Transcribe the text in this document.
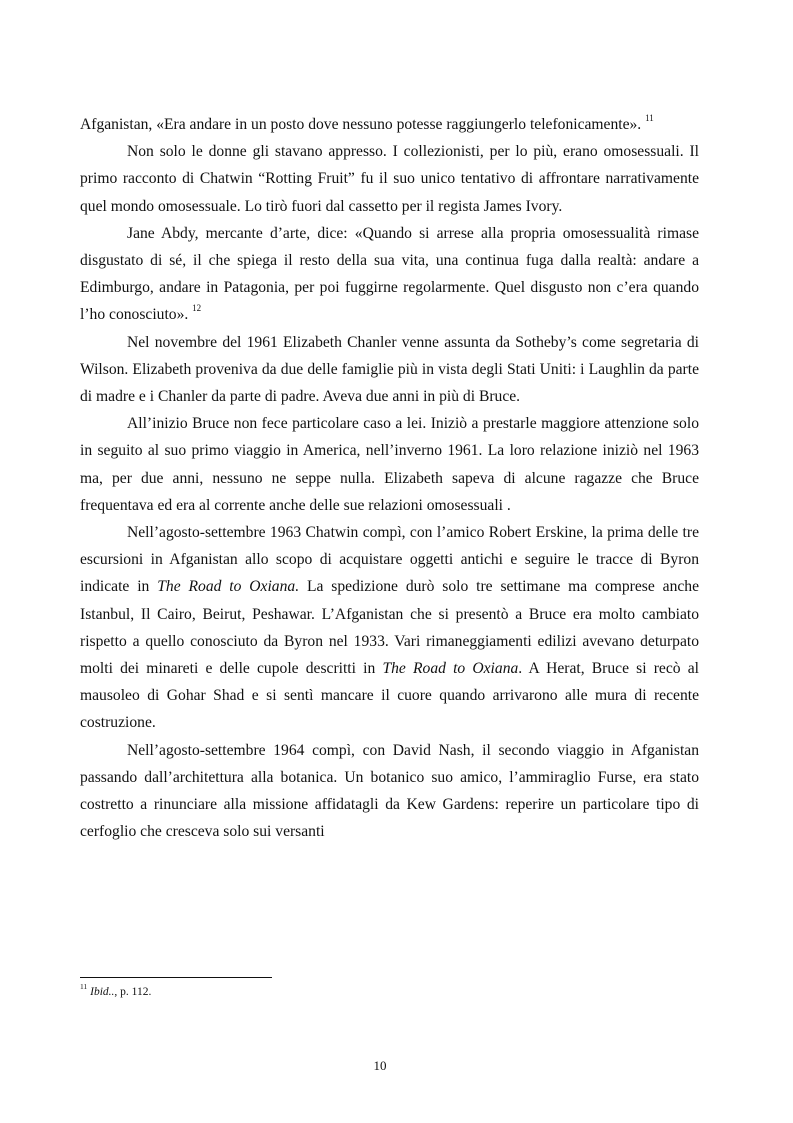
Afganistan, «Era andare in un posto dove nessuno potesse raggiungerlo telefonicamente». $^{11}$

Non solo le donne gli stavano appresso. I collezionisti, per lo più, erano omosessuali. Il primo racconto di Chatwin “Rotting Fruit” fu il suo unico tentativo di affrontare narrativamente quel mondo omosessuale. Lo tirò fuori dal cassetto per il regista James Ivory.

Jane Abdy, mercante d’arte, dice: «Quando si arrese alla propria omosessualità rimase disgustato di sé, il che spiega il resto della sua vita, una continua fuga dalla realtà: andare a Edimburgo, andare in Patagonia, per poi fuggirne regolarmente. Quel disgusto non c’era quando l’ho conosciuto». $^{12}$

Nel novembre del 1961 Elizabeth Chanler venne assunta da Sotheby’s come segretaria di Wilson. Elizabeth proveniva da due delle famiglie più in vista degli Stati Uniti: i Laughlin da parte di madre e i Chanler da parte di padre. Aveva due anni in più di Bruce.

All’inizio Bruce non fece particolare caso a lei. Iniziò a prestarle maggiore attenzione solo in seguito al suo primo viaggio in America, nell’inverno 1961. La loro relazione iniziò nel 1963 ma, per due anni, nessuno ne seppe nulla. Elizabeth sapeva di alcune ragazze che Bruce frequentava ed era al corrente anche delle sue relazioni omosessuali .

Nell’agosto-settembre 1963 Chatwin compì, con l’amico Robert Erskine, la prima delle tre escursioni in Afganistan allo scopo di acquistare oggetti antichi e seguire le tracce di Byron indicate in The Road to Oxiana. La spedizione durò solo tre settimane ma comprese anche Istanbul, Il Cairo, Beirut, Peshawar. L’Afganistan che si presentò a Bruce era molto cambiato rispetto a quello conosciuto da Byron nel 1933. Vari rimaneggiamenti edilizi avevano deturpato molti dei minareti e delle cupole descritti in The Road to Oxiana. A Herat, Bruce si recò al mausoleo di Gohar Shad e si sentì mancare il cuore quando arrivarono alle mura di recente costruzione.

Nell’agosto-settembre 1964 compì, con David Nash, il secondo viaggio in Afganistan passando dall’architettura alla botanica. Un botanico suo amico, l’ammiraglio Furse, era stato costretto a rinunciare alla missione affidatagli da Kew Gardens: reperire un particolare tipo di cerfoglio che cresceva solo sui versanti

$^{11}$ Ibid.., p. 112.
10
